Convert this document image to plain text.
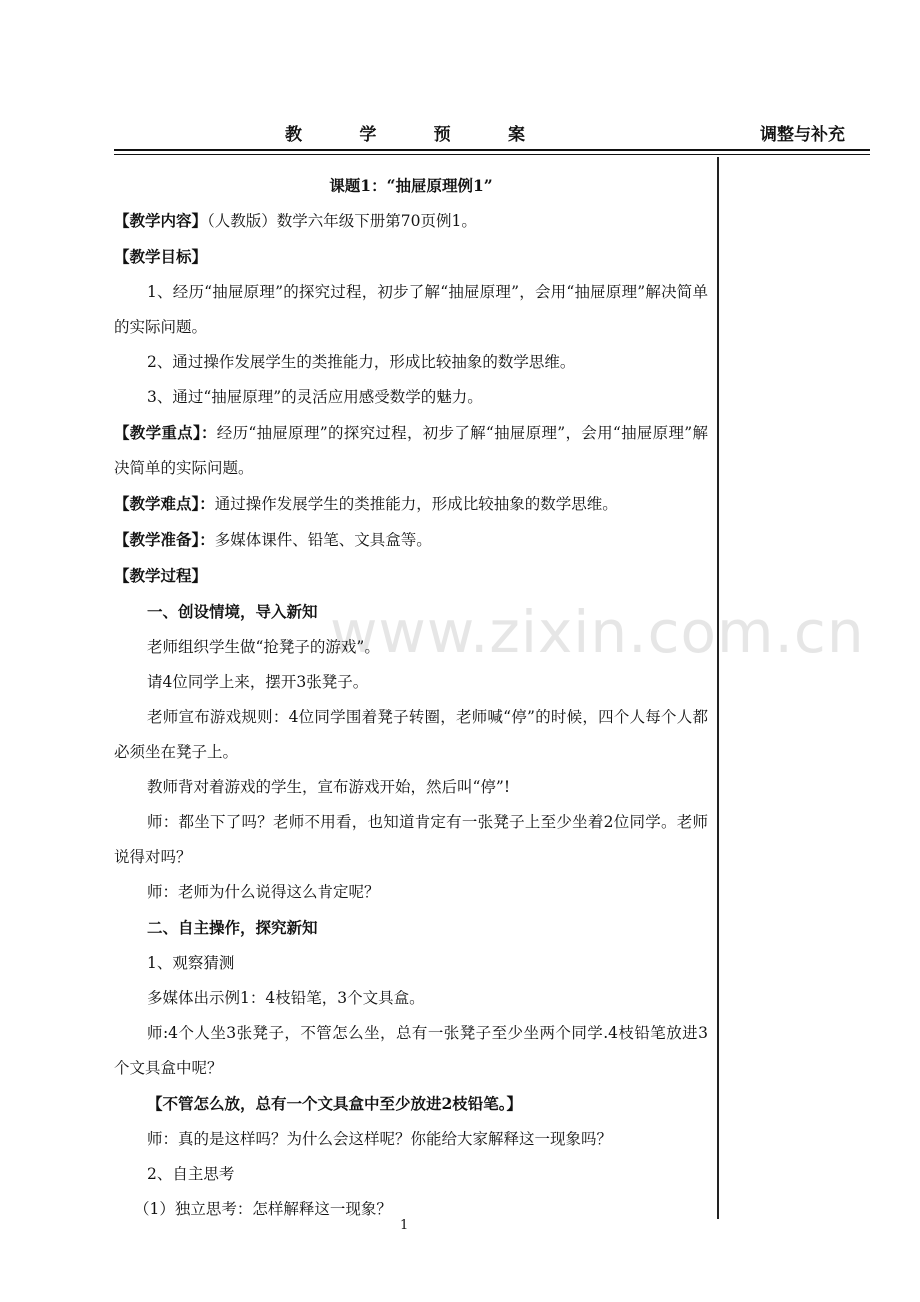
教	学	预	案	调整与补充
www.zixin.com.cn

课题1：“抽屉原理例1”

【教学内容】（人教版）数学六年级下册第70页例1。

【教学目标】

1、经历“抽屉原理”的探究过程，初步了解“抽屉原理”，会用“抽屉原理”解决简单的实际问题。

2、通过操作发展学生的类推能力，形成比较抽象的数学思维。

3、通过“抽屉原理”的灵活应用感受数学的魅力。

【教学重点】：经历“抽屉原理”的探究过程，初步了解“抽屉原理”，会用“抽屉原理”解决简单的实际问题。

【教学难点】：通过操作发展学生的类推能力，形成比较抽象的数学思维。

【教学准备】：多媒体课件、铅笔、文具盒等。

【教学过程】

一、创设情境，导入新知

老师组织学生做“抢凳子的游戏”。

请4位同学上来，摆开3张凳子。

老师宣布游戏规则：4位同学围着凳子转圈，老师喊“停”的时候，四个人每个人都必须坐在凳子上。

教师背对着游戏的学生，宣布游戏开始，然后叫“停”!

师：都坐下了吗？老师不用看，也知道肯定有一张凳子上至少坐着2位同学。老师说得对吗？

师：老师为什么说得这么肯定呢？

二、自主操作，探究新知

1、观察猜测

多媒体出示例1：4枝铅笔，3个文具盒。

师:4个人坐3张凳子，不管怎么坐，总有一张凳子至少坐两个同学.4枝铅笔放进3个文具盒中呢？

【不管怎么放，总有一个文具盒中至少放进2枝铅笔。】

师：真的是这样吗？为什么会这样呢？你能给大家解释这一现象吗？

2、自主思考

（1）独立思考：怎样解释这一现象？

1
